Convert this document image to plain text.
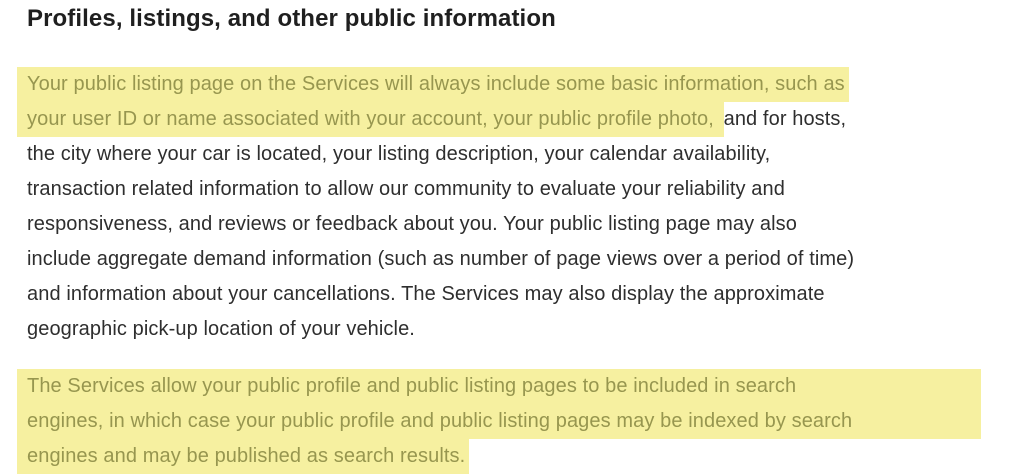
Profiles, listings, and other public information

Your public listing page on the Services will always include some basic information, such as
your user ID or name associated with your account, your public profile photo, and for hosts,
the city where your car is located, your listing description, your calendar availability,
transaction related information to allow our community to evaluate your reliability and
responsiveness, and reviews or feedback about you. Your public listing page may also
include aggregate demand information (such as number of page views over a period of time)
and information about your cancellations. The Services may also display the approximate
geographic pick-up location of your vehicle.

The Services allow your public profile and public listing pages to be included in search
engines, in which case your public profile and public listing pages may be indexed by search
engines and may be published as search results.
